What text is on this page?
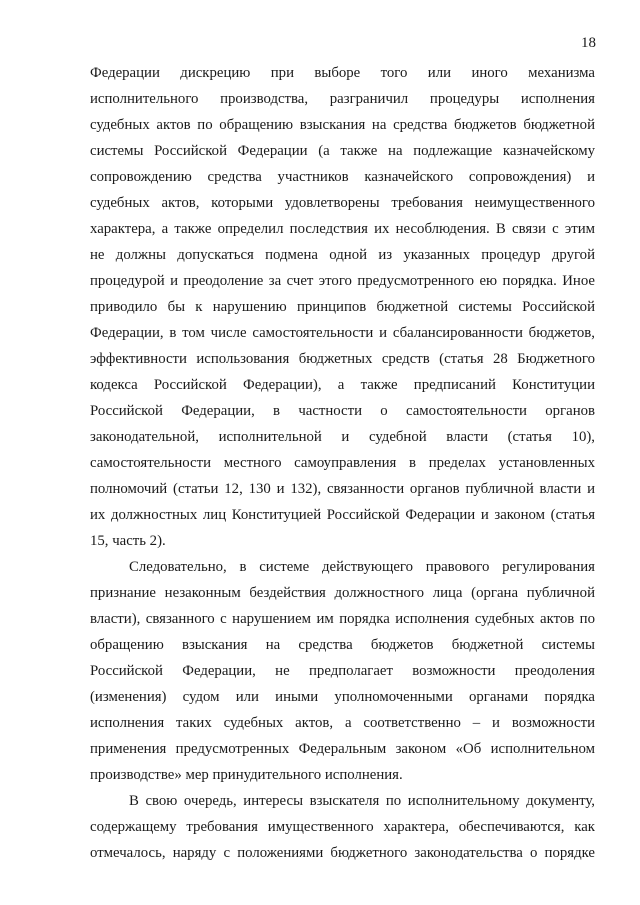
18
Федерации дискрецию при выборе того или иного механизма
исполнительного производства, разграничил процедуры исполнения
судебных актов по обращению взыскания на средства бюджетов бюджетной
системы Российской Федерации (а также на подлежащие казначейскому
сопровождению средства участников казначейского сопровождения) и
судебных актов, которыми удовлетворены требования неимущественного
характера, а также определил последствия их несоблюдения. В связи с этим
не должны допускаться подмена одной из указанных процедур другой
процедурой и преодоление за счет этого предусмотренного ею порядка. Иное
приводило бы к нарушению принципов бюджетной системы Российской
Федерации, в том числе самостоятельности и сбалансированности бюджетов,
эффективности использования бюджетных средств (статья 28 Бюджетного
кодекса Российской Федерации), а также предписаний Конституции
Российской Федерации, в частности о самостоятельности органов
законодательной, исполнительной и судебной власти (статья 10),
самостоятельности местного самоуправления в пределах установленных
полномочий (статьи 12, 130 и 132), связанности органов публичной власти и
их должностных лиц Конституцией Российской Федерации и законом (статья
15, часть 2).
Следовательно, в системе действующего правового регулирования
признание незаконным бездействия должностного лица (органа публичной
власти), связанного с нарушением им порядка исполнения судебных актов по
обращению взыскания на средства бюджетов бюджетной системы
Российской Федерации, не предполагает возможности преодоления
(изменения) судом или иными уполномоченными органами порядка
исполнения таких судебных актов, а соответственно – и возможности
применения предусмотренных Федеральным законом «Об исполнительном
производстве» мер принудительного исполнения.
В свою очередь, интересы взыскателя по исполнительному документу,
содержащему требования имущественного характера, обеспечиваются, как
отмечалось, наряду с положениями бюджетного законодательства о порядке
